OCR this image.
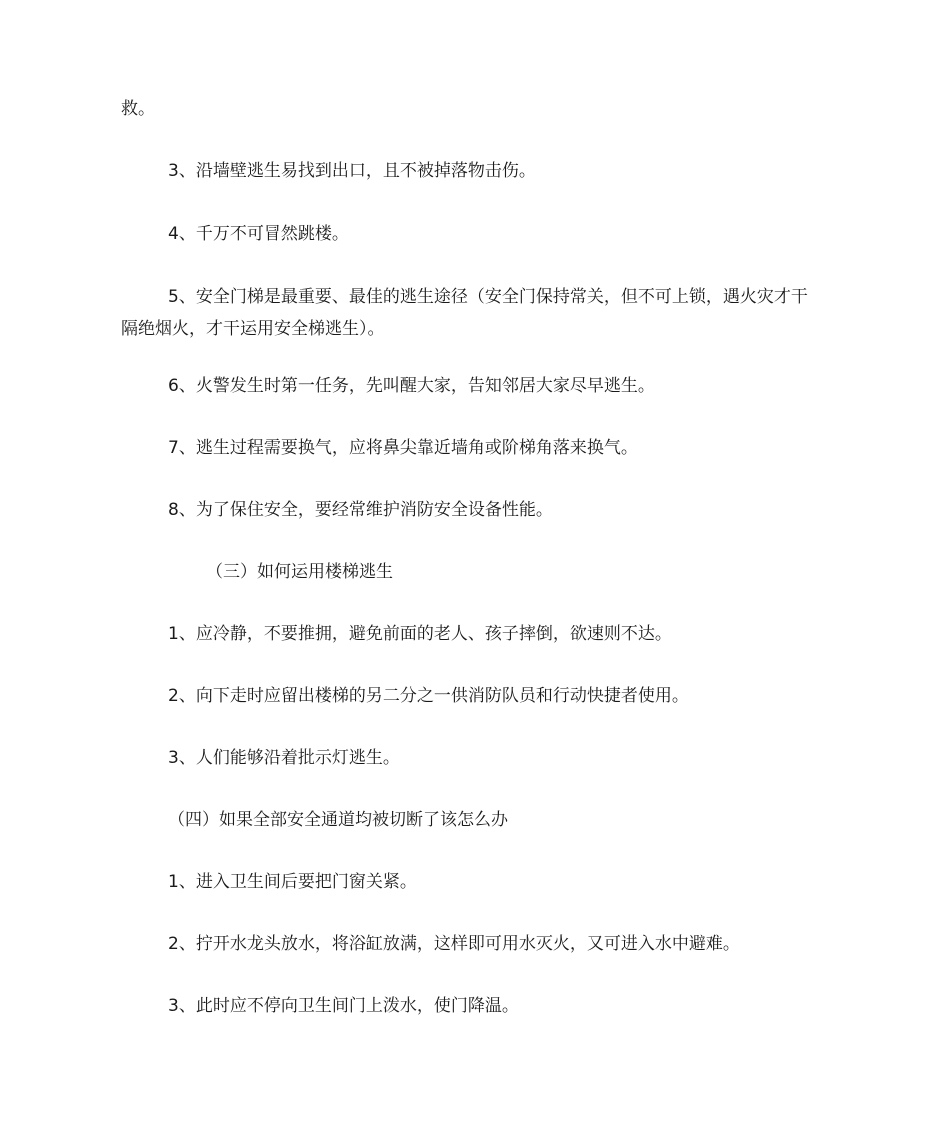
救。
3、沿墙壁逃生易找到出口，且不被掉落物击伤。
4、千万不可冒然跳楼。
5、安全门梯是最重要、最佳的逃生途径（安全门保持常关，但不可上锁，遇火灾才干隔绝烟火，才干运用安全梯逃生）。
6、火警发生时第一任务，先叫醒大家，告知邻居大家尽早逃生。
7、逃生过程需要换气，应将鼻尖靠近墙角或阶梯角落来换气。
8、为了保住安全，要经常维护消防安全设备性能。
（三）如何运用楼梯逃生
1、应冷静，不要推拥，避免前面的老人、孩子摔倒，欲速则不达。
2、向下走时应留出楼梯的另二分之一供消防队员和行动快捷者使用。
3、人们能够沿着批示灯逃生。
（四）如果全部安全通道均被切断了该怎么办
1、进入卫生间后要把门窗关紧。
2、拧开水龙头放水，将浴缸放满，这样即可用水灭火，又可进入水中避难。
3、此时应不停向卫生间门上泼水，使门降温。
